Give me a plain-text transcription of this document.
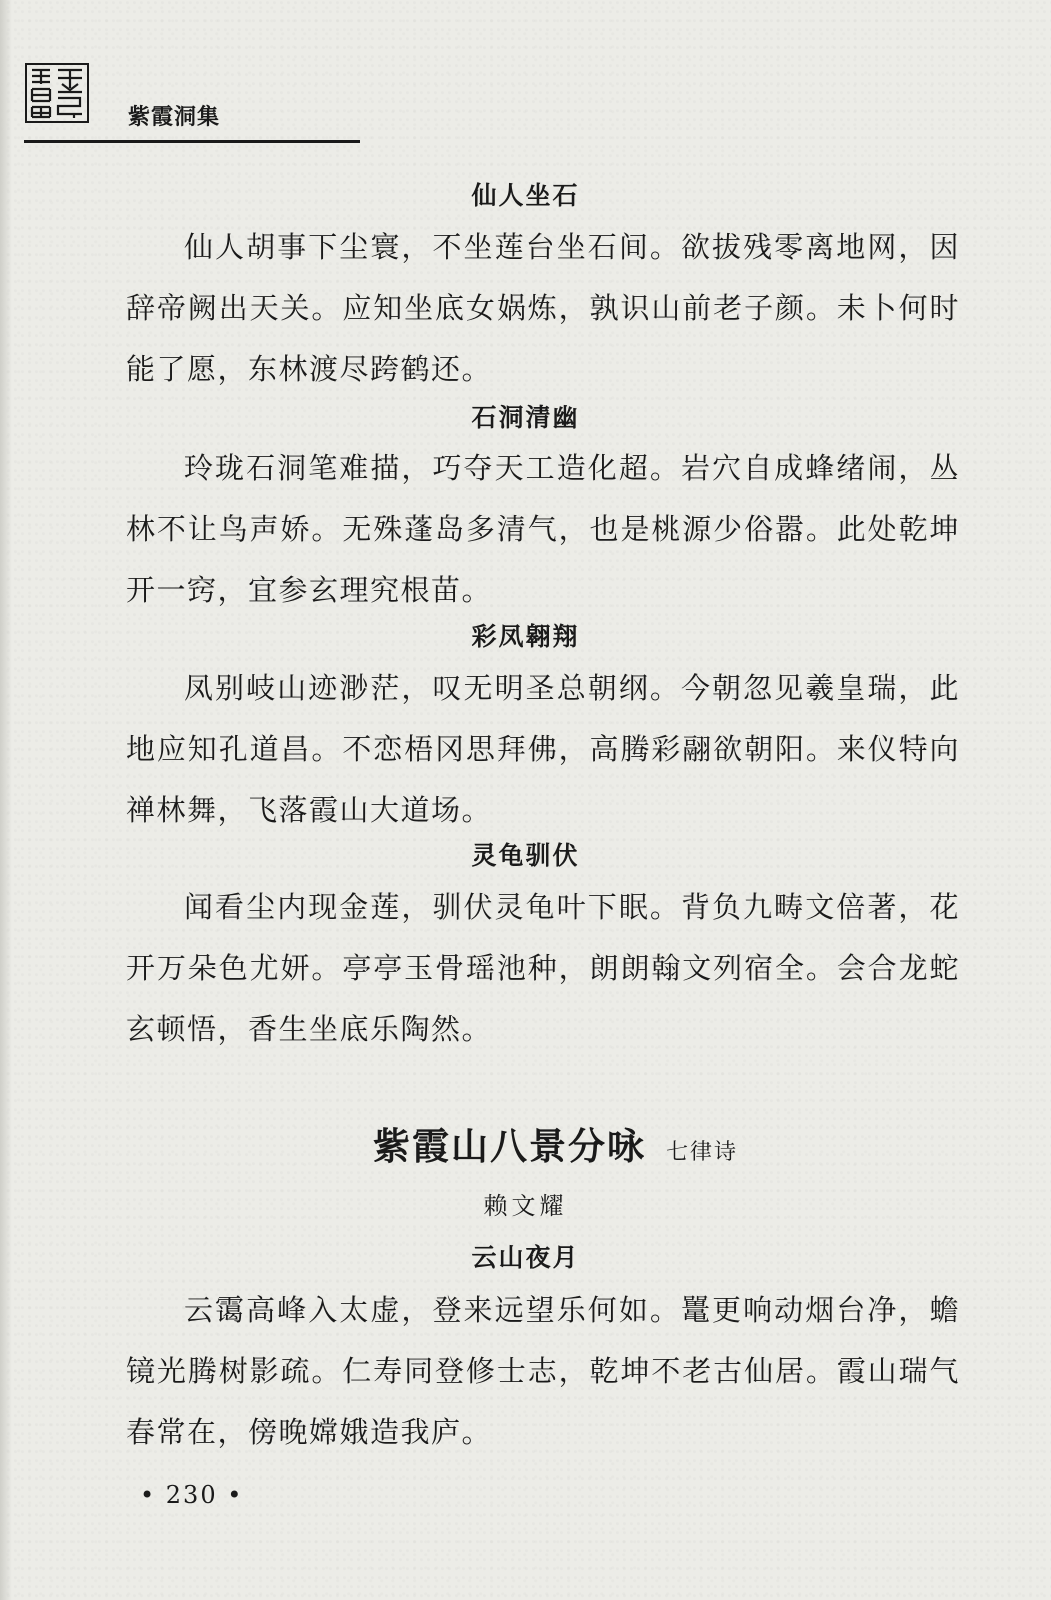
紫霞洞集
仙人坐石
仙人胡事下尘寰，不坐莲台坐石间。欲拔残零离地网，因辞帝阙出天关。应知坐底女娲炼，孰识山前老子颜。未卜何时能了愿，东林渡尽跨鹤还。
石洞清幽
玲珑石洞笔难描，巧夺天工造化超。岩穴自成蜂绪闹，丛林不让鸟声娇。无殊蓬岛多清气，也是桃源少俗嚣。此处乾坤开一窍，宜参玄理究根苗。
彩凤翱翔
凤别岐山迹渺茫，叹无明圣总朝纲。今朝忽见羲皇瑞，此地应知孔道昌。不恋梧冈思拜佛，高腾彩翮欲朝阳。来仪特向禅林舞，飞落霞山大道场。
灵龟驯伏
闻看尘内现金莲，驯伏灵龟叶下眠。背负九畴文倍著，花开万朵色尤妍。亭亭玉骨瑶池种，朗朗翰文列宿全。会合龙蛇玄顿悟，香生坐底乐陶然。
紫霞山八景分咏 七律诗
赖文耀
云山夜月
云霭高峰入太虚，登来远望乐何如。鼍更响动烟台净，蟾镜光腾树影疏。仁寿同登修士志，乾坤不老古仙居。霞山瑞气春常在，傍晚嫦娥造我庐。
• 230 •
